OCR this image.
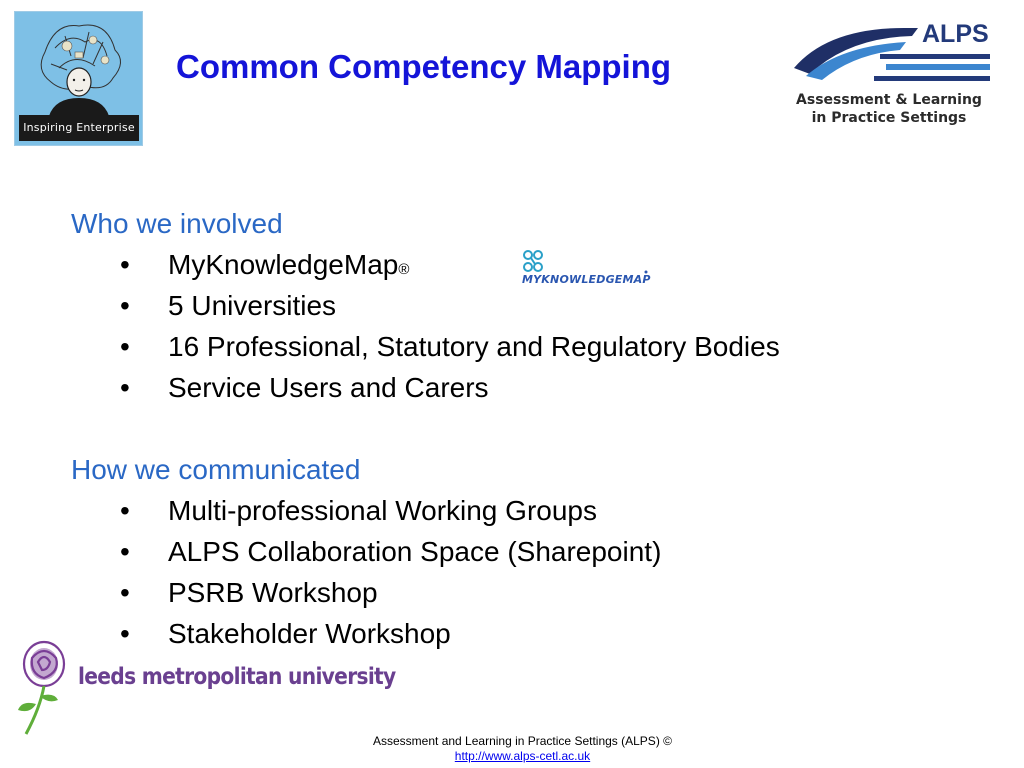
Inspiring Enterprise
Common Competency Mapping
ALPS
Assessment & Learning
in Practice Settings
Who we involved
•	MyKnowledgeMap ®
•	5 Universities
•	16 Professional, Statutory and Regulatory Bodies
•	Service Users and Carers
MYKNOWLEDGEMAP
How we communicated
•	Multi-professional Working Groups
•	ALPS Collaboration Space (Sharepoint)
•	PSRB Workshop
•	Stakeholder Workshop
leeds metropolitan university
Assessment and Learning in Practice Settings (ALPS) ©
http://www.alps-cetl.ac.uk
